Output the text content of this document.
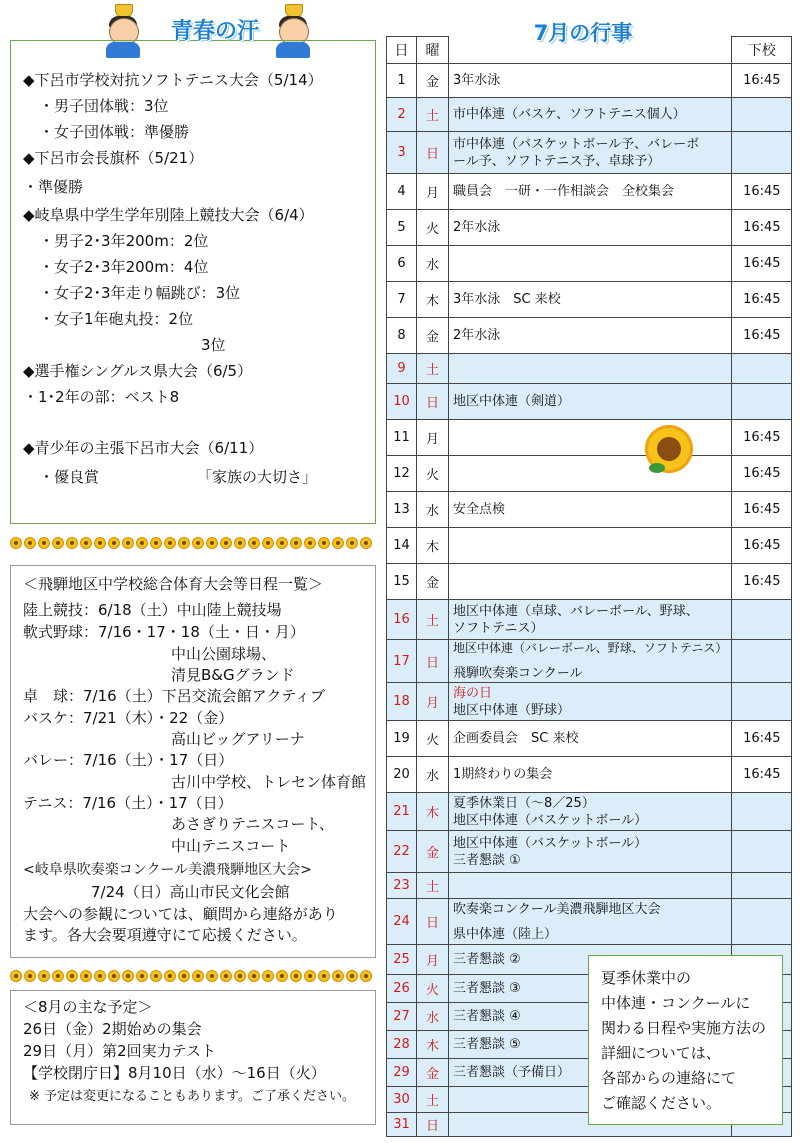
◆下呂市学校対抗ソフトテニス大会（5/14）
・男子団体戦：3位
・女子団体戦：準優勝
◆下呂市会長旗杯（5/21）
・準優勝
◆岐阜県中学生学年別陸上競技大会（6/4）
・男子2･3年200m：2位
・女子2･3年200m：4位
・女子2･3年走り幅跳び：3位
・女子1年砲丸投：2位
3位
◆選手権シングルス県大会（6/5）
・1･2年の部：ベスト8
◆青少年の主張下呂市大会（6/11）
・優良賞	「家族の大切さ」
青春の汗
＜飛騨地区中学校総合体育大会等日程一覧＞
陸上競技：6/18（土）中山陸上競技場
軟式野球：7/16・17・18（土・日・月）
中山公園球場、
清見B&Gグランド
卓　球：7/16（土）下呂交流会館アクティブ
バスケ：7/21（木）・22（金）
高山ビッグアリーナ
バレー：7/16（土）・17（日）
古川中学校、トレセン体育館
テニス：7/16（土）・17（日）
あさぎりテニスコート、
中山テニスコート
<岐阜県吹奏楽コンクール美濃飛騨地区大会>
7/24（日）高山市民文化会館
大会への参観については、顧問から連絡があり
ます。各大会要項遵守にて応援ください。
＜8月の主な予定＞
26日（金）2期始めの集会
29日（月）第2回実力テスト
【学校閉庁日】8月10日（水）〜16日（火）
※ 予定は変更になることもあります。ご了承ください。
日	曜		下校
1	金	3年水泳	16:45
2	土	市中体連（バスケ、ソフトテニス個人）	

3	日	市中体連（バスケットボール予、バレーボ
ール予、ソフトテニス予、卓球予）	

4	月	職員会　一研・一作相談会　全校集会	16:45
5	火	2年水泳	16:45
6	水		16:45
7	木	3年水泳　SC 来校	16:45
8	金	2年水泳	16:45
9	土	

10	日	地区中体連（剣道）	

11	月		16:45
12	火		16:45
13	水	安全点検	16:45
14	木		16:45
15	金		16:45
16	土	地区中体連（卓球、バレーボール、野球、
ソフトテニス）	

17	日	地区中体連（バレーボール、野球、ソフトテニス）
飛騨吹奏楽コンクール	

18	月	海の日
地区中体連（野球）	

19	火	企画委員会　SC 来校	16:45
20	水	1期終わりの集会	16:45
21	木	夏季休業日（〜8／25）
地区中体連（バスケットボール）	

22	金	地区中体連（バスケットボール）
三者懇談 ①	

23	土	

24	日	吹奏楽コンクール美濃飛騨地区大会
県中体連（陸上）	

25	月	三者懇談 ②	

26	火	三者懇談 ③	

27	水	三者懇談 ④	

28	木	三者懇談 ⑤	

29	金	三者懇談（予備日）	

30	土	

31	日	

7月の行事
夏季休業中の
中体連・コンクールに
関わる日程や実施方法の
詳細については、
各部からの連絡にて
ご確認ください。
